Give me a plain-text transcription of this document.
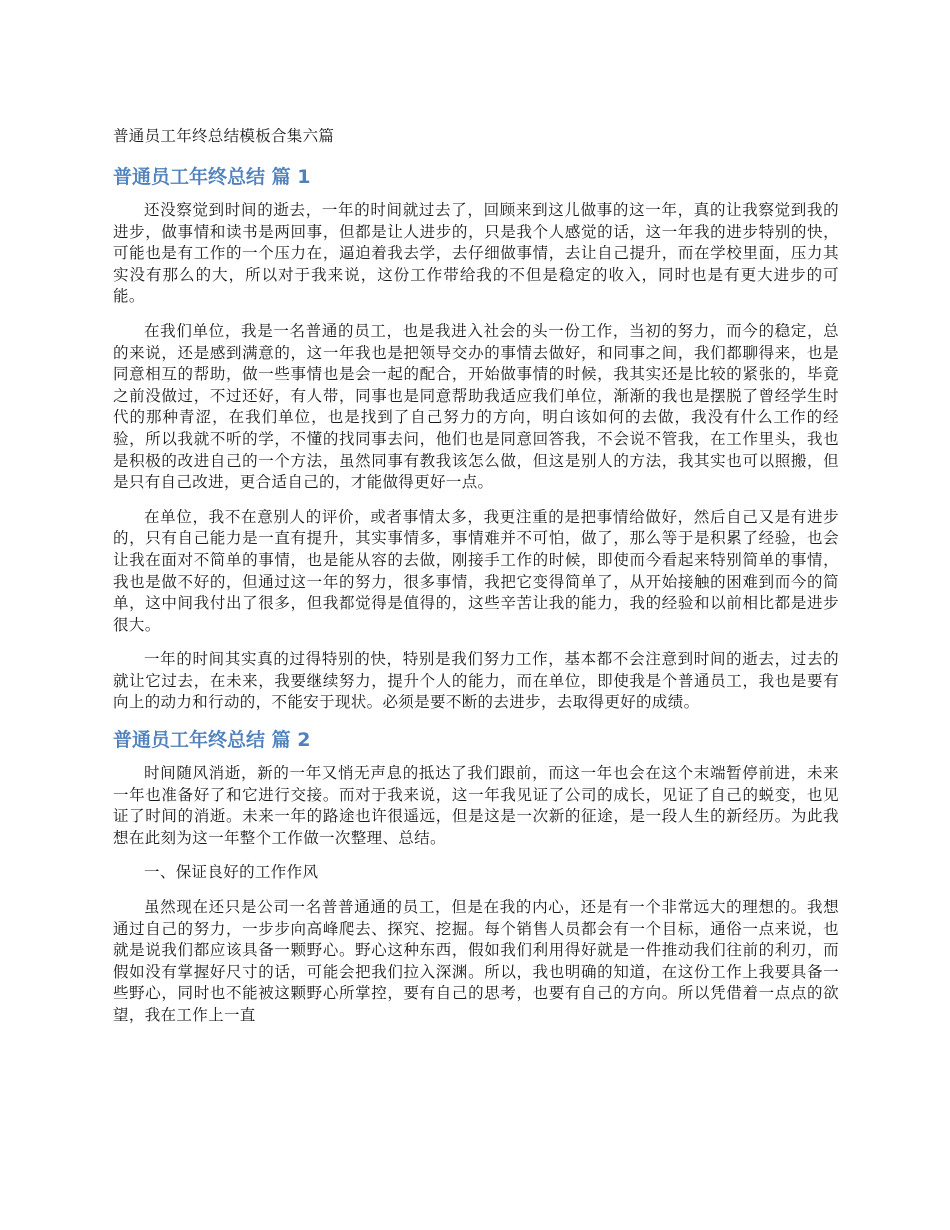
普通员工年终总结模板合集六篇
普通员工年终总结 篇 1

还没察觉到时间的逝去，一年的时间就过去了，回顾来到这儿做事的这一年，真的让我察觉到我的进步，做事情和读书是两回事，但都是让人进步的，只是我个人感觉的话，这一年我的进步特别的快，可能也是有工作的一个压力在，逼迫着我去学，去仔细做事情，去让自己提升，而在学校里面，压力其实没有那么的大，所以对于我来说，这份工作带给我的不但是稳定的收入，同时也是有更大进步的可能。

在我们单位，我是一名普通的员工，也是我进入社会的头一份工作，当初的努力，而今的稳定，总的来说，还是感到满意的，这一年我也是把领导交办的事情去做好，和同事之间，我们都聊得来，也是同意相互的帮助，做一些事情也是会一起的配合，开始做事情的时候，我其实还是比较的紧张的，毕竟之前没做过，不过还好，有人带，同事也是同意帮助我适应我们单位，渐渐的我也是摆脱了曾经学生时代的那种青涩，在我们单位，也是找到了自己努力的方向，明白该如何的去做，我没有什么工作的经验，所以我就不听的学，不懂的找同事去问，他们也是同意回答我，不会说不管我，在工作里头，我也是积极的改进自己的一个方法，虽然同事有教我该怎么做，但这是别人的方法，我其实也可以照搬，但是只有自己改进，更合适自己的，才能做得更好一点。

在单位，我不在意别人的评价，或者事情太多，我更注重的是把事情给做好，然后自己又是有进步的，只有自己能力是一直有提升，其实事情多，事情难并不可怕，做了，那么等于是积累了经验，也会让我在面对不简单的事情，也是能从容的去做，刚接手工作的时候，即使而今看起来特别简单的事情，我也是做不好的，但通过这一年的努力，很多事情，我把它变得简单了，从开始接触的困难到而今的简单，这中间我付出了很多，但我都觉得是值得的，这些辛苦让我的能力，我的经验和以前相比都是进步很大。

一年的时间其实真的过得特别的快，特别是我们努力工作，基本都不会注意到时间的逝去，过去的就让它过去，在未来，我要继续努力，提升个人的能力，而在单位，即使我是个普通员工，我也是要有向上的动力和行动的，不能安于现状。必须是要不断的去进步，去取得更好的成绩。

普通员工年终总结 篇 2

时间随风消逝，新的一年又悄无声息的抵达了我们跟前，而这一年也会在这个末端暂停前进，未来一年也准备好了和它进行交接。而对于我来说，这一年我见证了公司的成长，见证了自己的蜕变，也见证了时间的消逝。未来一年的路途也许很遥远，但是这是一次新的征途，是一段人生的新经历。为此我想在此刻为这一年整个工作做一次整理、总结。

一、保证良好的工作作风

虽然现在还只是公司一名普普通通的员工，但是在我的内心，还是有一个非常远大的理想的。我想通过自己的努力，一步步向高峰爬去、探究、挖掘。每个销售人员都会有一个目标，通俗一点来说，也就是说我们都应该具备一颗野心。野心这种东西，假如我们利用得好就是一件推动我们往前的利刃，而假如没有掌握好尺寸的话，可能会把我们拉入深渊。所以，我也明确的知道，在这份工作上我要具备一些野心，同时也不能被这颗野心所掌控，要有自己的思考，也要有自己的方向。所以凭借着一点点的欲望，我在工作上一直
